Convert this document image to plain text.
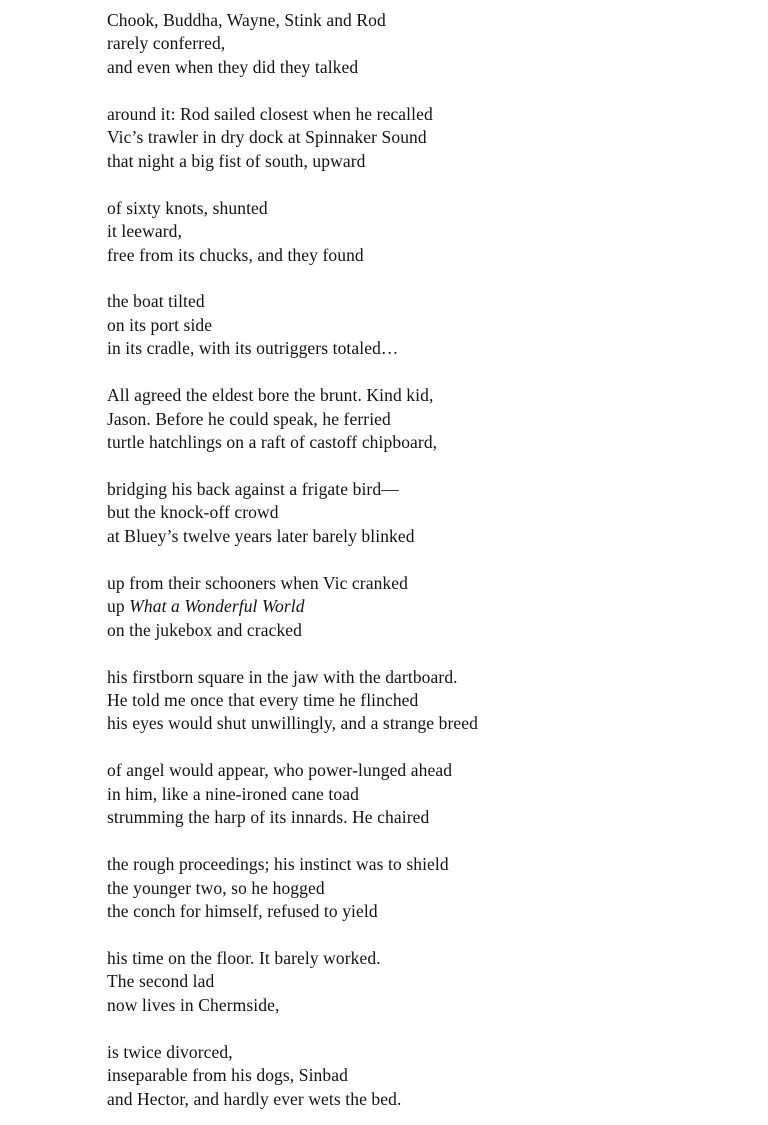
Chook, Buddha, Wayne, Stink and Rod
rarely conferred,
and even when they did they talked
around it: Rod sailed closest when he recalled
Vic’s trawler in dry dock at Spinnaker Sound
that night a big fist of south, upward
of sixty knots, shunted
it leeward,
free from its chucks, and they found
the boat tilted
on its port side
in its cradle, with its outriggers totaled…
All agreed the eldest bore the brunt. Kind kid,
Jason. Before he could speak, he ferried
turtle hatchlings on a raft of castoff chipboard,
bridging his back against a frigate bird—
but the knock-off crowd
at Bluey’s twelve years later barely blinked
up from their schooners when Vic cranked
up What a Wonderful World
on the jukebox and cracked
his firstborn square in the jaw with the dartboard.
He told me once that every time he flinched
his eyes would shut unwillingly, and a strange breed
of angel would appear, who power-lunged ahead
in him, like a nine-ironed cane toad
strumming the harp of its innards. He chaired
the rough proceedings; his instinct was to shield
the younger two, so he hogged
the conch for himself, refused to yield
his time on the floor. It barely worked.
The second lad
now lives in Chermside,
is twice divorced,
inseparable from his dogs, Sinbad
and Hector, and hardly ever wets the bed.
